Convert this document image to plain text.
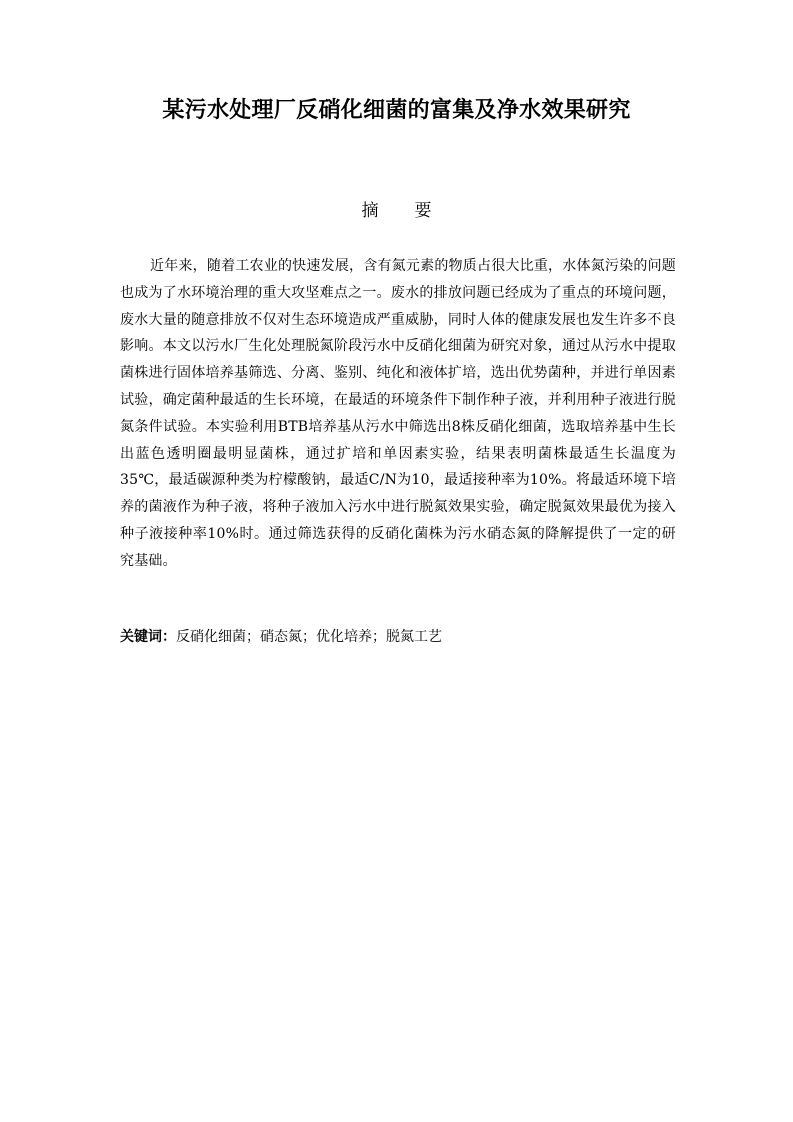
某污水处理厂反硝化细菌的富集及净水效果研究
摘 要

近年来，随着工农业的快速发展，含有氮元素的物质占很大比重，水体氮污染的问题也成为了水环境治理的重大攻坚难点之一。废水的排放问题已经成为了重点的环境问题，废水大量的随意排放不仅对生态环境造成严重威胁，同时人体的健康发展也发生许多不良影响。本文以污水厂生化处理脱氮阶段污水中反硝化细菌为研究对象，通过从污水中提取菌株进行固体培养基筛选、分离、鉴别、纯化和液体扩培，选出优势菌种，并进行单因素试验，确定菌种最适的生长环境，在最适的环境条件下制作种子液，并利用种子液进行脱氮条件试验。本实验利用BTB培养基从污水中筛选出8株反硝化细菌，选取培养基中生长出蓝色透明圈最明显菌株，通过扩培和单因素实验，结果表明菌株最适生长温度为35℃，最适碳源种类为柠檬酸钠，最适C/N为10，最适接种率为10%。将最适环境下培养的菌液作为种子液，将种子液加入污水中进行脱氮效果实验，确定脱氮效果最优为接入种子液接种率10%时。通过筛选获得的反硝化菌株为污水硝态氮的降解提供了一定的研究基础。

关键词：反硝化细菌；硝态氮；优化培养；脱氮工艺
